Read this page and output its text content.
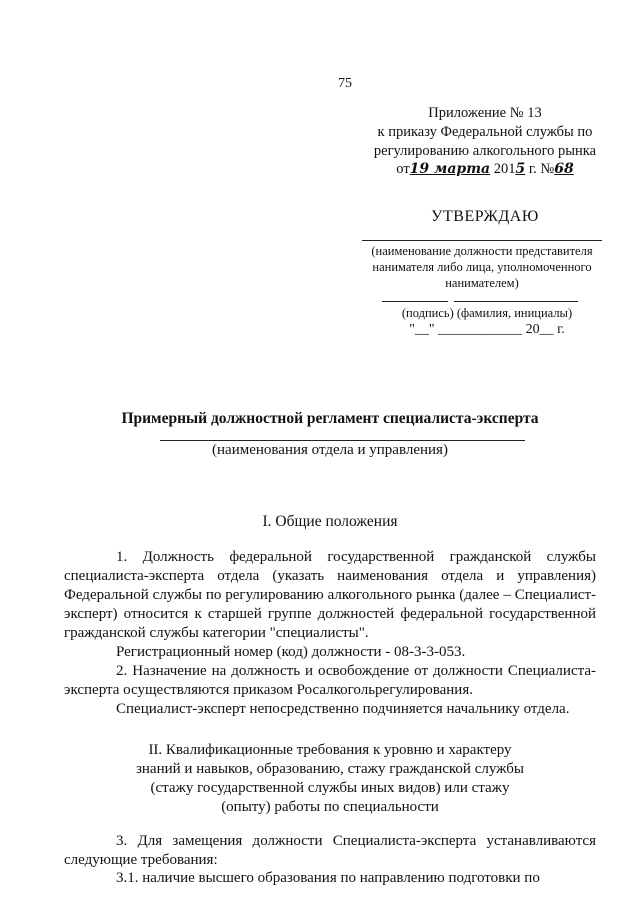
75
Приложение № 13
к приказу Федеральной службы по
регулированию алкогольного рынка
от19 марта 2015 г. №68
УТВЕРЖДАЮ
(наименование должности представителя нанимателя либо лица, уполномоченного нанимателем)
(подпись) (фамилия, инициалы)
"__" ____________ 20__ г.
Примерный должностной регламент специалиста-эксперта
(наименования отдела и управления)
I. Общие положения
1. Должность федеральной государственной гражданской службы специалиста-эксперта отдела (указать наименования отдела и управления) Федеральной службы по регулированию алкогольного рынка (далее – Специалист-эксперт) относится к старшей группе должностей федеральной государственной гражданской службы категории "специалисты".
Регистрационный номер (код) должности - 08-3-3-053.
2. Назначение на должность и освобождение от должности Специалиста-эксперта осуществляются приказом Росалкогольрегулирования.
Специалист-эксперт непосредственно подчиняется начальнику отдела.
II. Квалификационные требования к уровню и характеру
знаний и навыков, образованию, стажу гражданской службы
(стажу государственной службы иных видов) или стажу
(опыту) работы по специальности
3. Для замещения должности Специалиста-эксперта устанавливаются следующие требования:
3.1. наличие высшего образования по направлению подготовки по
